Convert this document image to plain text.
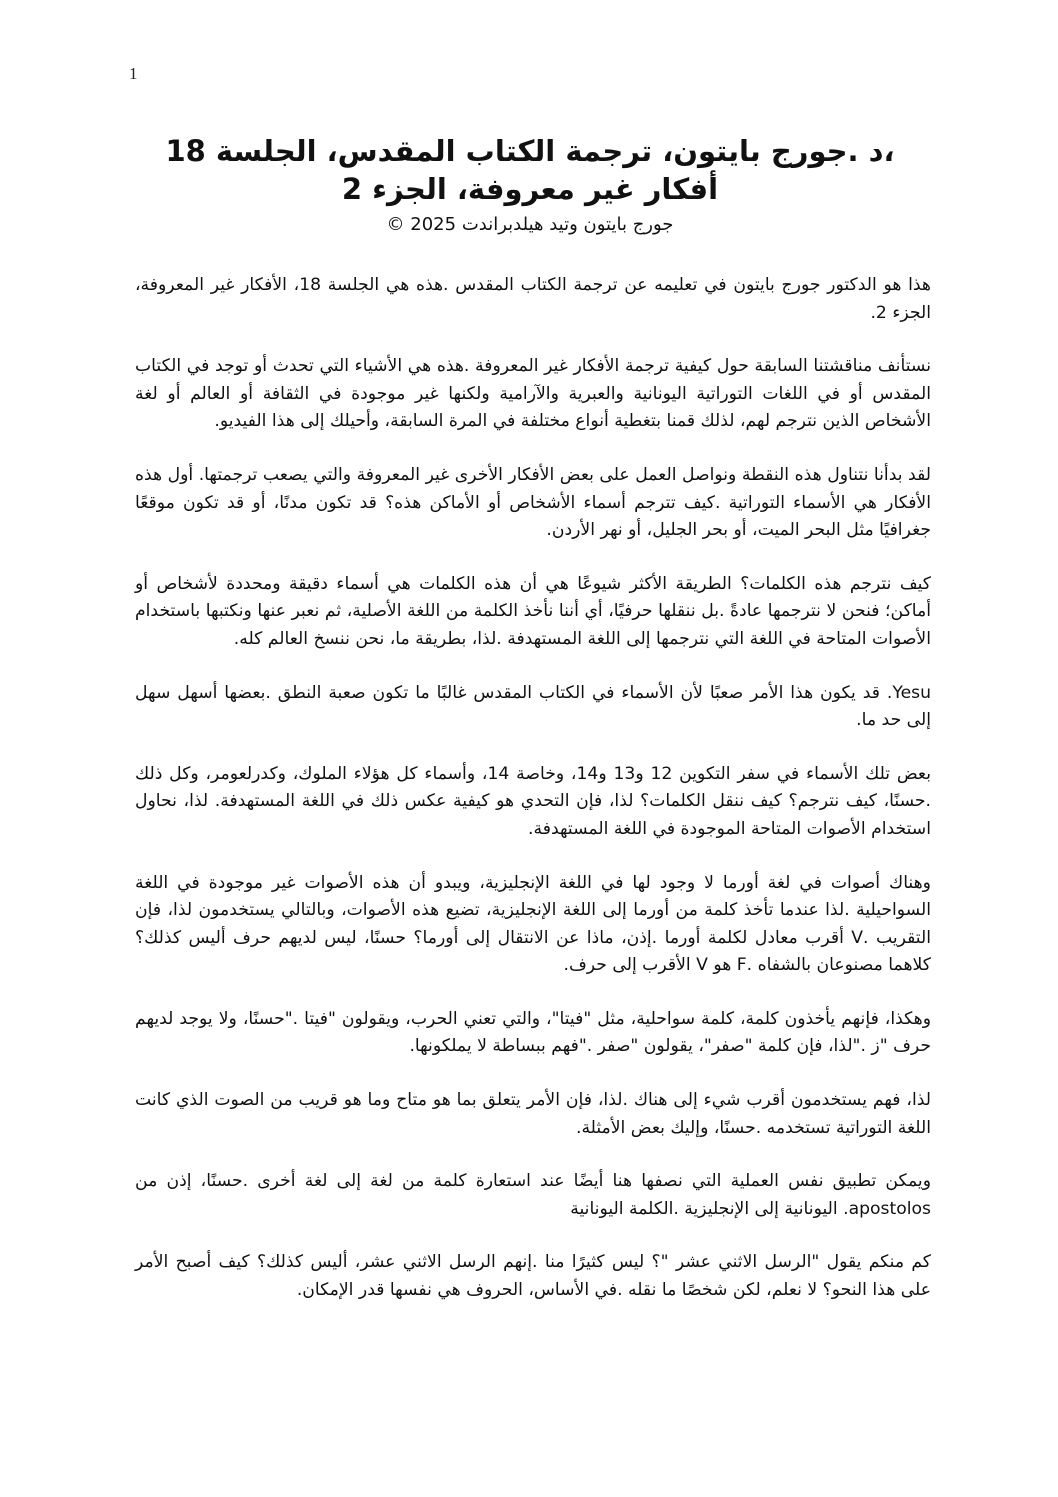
1

،د .جورج بايتون، ترجمة الكتاب المقدس، الجلسة 18

أفكار غير معروفة، الجزء 2

جورج بايتون وتيد هيلدبراندت 2025 ©

هذا هو الدكتور جورج بايتون في تعليمه عن ترجمة الكتاب المقدس .هذه هي الجلسة 18، الأفكار غير المعروفة، الجزء 2.

نستأنف مناقشتنا السابقة حول كيفية ترجمة الأفكار غير المعروفة .هذه هي الأشياء التي تحدث أو توجد في الكتاب المقدس أو في اللغات التوراتية اليونانية والعبرية والآرامية ولكنها غير موجودة في الثقافة أو العالم أو لغة الأشخاص الذين نترجم لهم، لذلك قمنا بتغطية أنواع مختلفة في المرة السابقة، وأحيلك إلى هذا الفيديو.

لقد بدأنا نتناول هذه النقطة ونواصل العمل على بعض الأفكار الأخرى غير المعروفة والتي يصعب ترجمتها. أول هذه الأفكار هي الأسماء التوراتية .كيف تترجم أسماء الأشخاص أو الأماكن هذه؟ قد تكون مدنًا، أو قد تكون موقعًا جغرافيًا مثل البحر الميت، أو بحر الجليل، أو نهر الأردن.

كيف نترجم هذه الكلمات؟ الطريقة الأكثر شيوعًا هي أن هذه الكلمات هي أسماء دقيقة ومحددة لأشخاص أو أماكن؛ فنحن لا نترجمها عادةً .بل ننقلها حرفيًا، أي أننا نأخذ الكلمة من اللغة الأصلية، ثم نعبر عنها ونكتبها باستخدام الأصوات المتاحة في اللغة التي نترجمها إلى اللغة المستهدفة .لذا، بطريقة ما، نحن ننسخ العالم كله.

Yesu. قد يكون هذا الأمر صعبًا لأن الأسماء في الكتاب المقدس غالبًا ما تكون صعبة النطق .بعضها أسهل سهل إلى حد ما.

بعض تلك الأسماء في سفر التكوين 12 و13 و14، وخاصة 14، وأسماء كل هؤلاء الملوك، وكدرلعومر، وكل ذلك .حسنًا، كيف نترجم؟ كيف ننقل الكلمات؟ لذا، فإن التحدي هو كيفية عكس ذلك في اللغة المستهدفة. لذا، نحاول استخدام الأصوات المتاحة الموجودة في اللغة المستهدفة.

وهناك أصوات في لغة أورما لا وجود لها في اللغة الإنجليزية، ويبدو أن هذه الأصوات غير موجودة في اللغة السواحيلية .لذا عندما تأخذ كلمة من أورما إلى اللغة الإنجليزية، تضيع هذه الأصوات، وبالتالي يستخدمون لذا، فإن التقريب .V أقرب معادل لكلمة أورما .إذن، ماذا عن الانتقال إلى أورما؟ حسنًا، ليس لديهم حرف أليس كذلك؟ كلاهما مصنوعان بالشفاه .F هو V الأقرب إلى حرف.

وهكذا، فإنهم يأخذون كلمة، كلمة سواحلية، مثل "فيتا"، والتي تعني الحرب، ويقولون "فيتا ."حسنًا، ولا يوجد لديهم حرف "ز ."لذا، فإن كلمة "صفر"، يقولون "صفر ."فهم ببساطة لا يملكونها.

لذا، فهم يستخدمون أقرب شيء إلى هناك .لذا، فإن الأمر يتعلق بما هو متاح وما هو قريب من الصوت الذي كانت اللغة التوراتية تستخدمه .حسنًا، وإليك بعض الأمثلة.

ويمكن تطبيق نفس العملية التي نصفها هنا أيضًا عند استعارة كلمة من لغة إلى لغة أخرى .حسنًا، إذن من apostolos. اليونانية إلى الإنجليزية .الكلمة اليونانية

كم منكم يقول "الرسل الاثني عشر "؟ ليس كثيرًا منا .إنهم الرسل الاثني عشر، أليس كذلك؟ كيف أصبح الأمر على هذا النحو؟ لا نعلم، لكن شخصًا ما نقله .في الأساس، الحروف هي نفسها قدر الإمكان.
